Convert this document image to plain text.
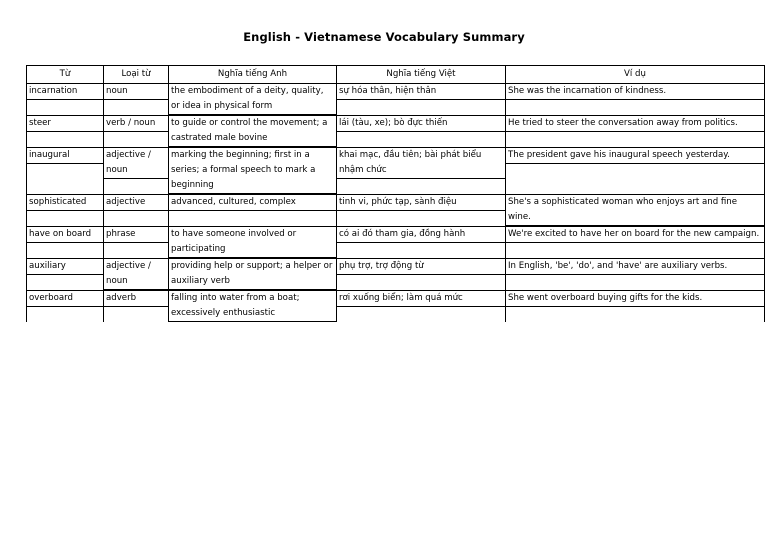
English - Vietnamese Vocabulary Summary
Từ	Loại từ	Nghĩa tiếng Anh	Nghĩa tiếng Việt	Ví dụ
incarnation	noun	the embodiment of a deity, quality, or idea in physical form	sự hóa thân, hiện thân	She was the incarnation of kindness.
steer	verb / noun	to guide or control the movement; a castrated male bovine	lái (tàu, xe); bò đực thiến	He tried to steer the conversation away from politics.
inaugural	adjective / noun	marking the beginning; first in a series; a formal speech to mark a beginning	khai mạc, đầu tiên; bài phát biểu nhậm chức	The president gave his inaugural speech yesterday.
sophisticated	adjective	advanced, cultured, complex	tinh vi, phức tạp, sành điệu	She's a sophisticated woman who enjoys art and fine wine.
have on board	phrase	to have someone involved or participating	có ai đó tham gia, đồng hành	We're excited to have her on board for the new campaign.
auxiliary	adjective / noun	providing help or support; a helper or auxiliary verb	phụ trợ, trợ động từ	In English, 'be', 'do', and 'have' are auxiliary verbs.
overboard	adverb	falling into water from a boat; excessively enthusiastic	rơi xuống biển; làm quá mức	She went overboard buying gifts for the kids.
